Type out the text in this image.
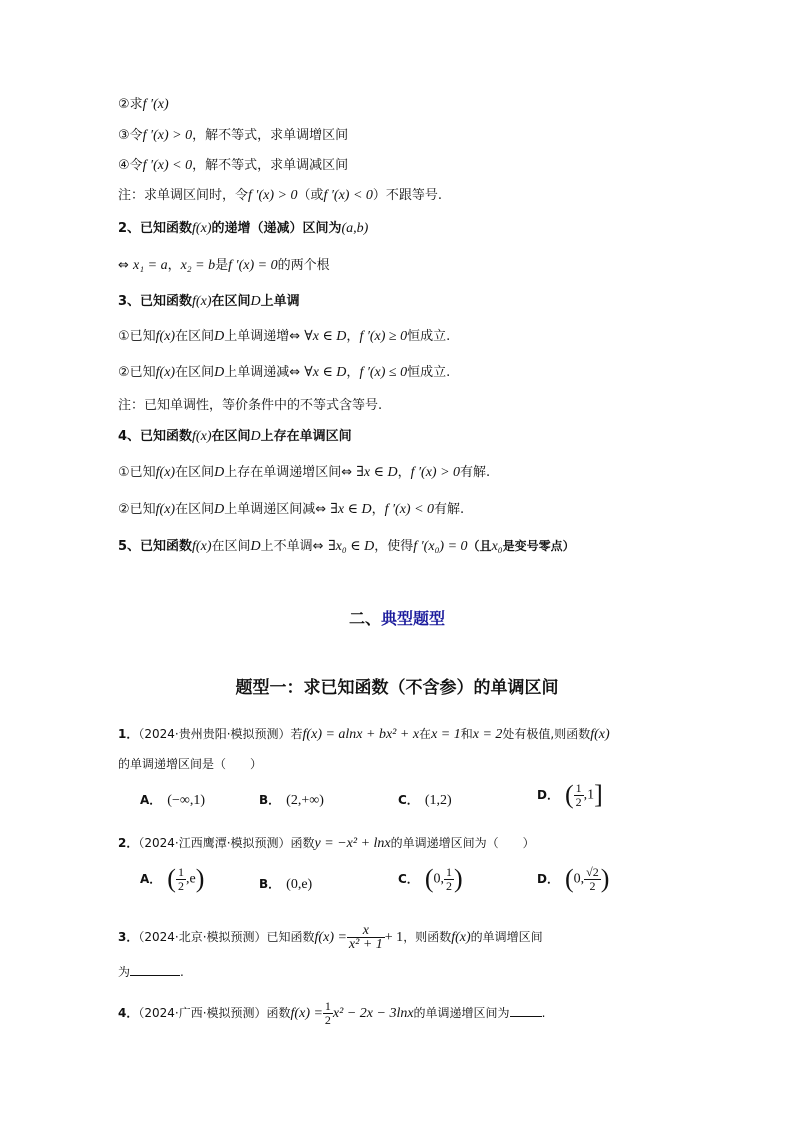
②求f ′(x)
③令f ′(x) > 0，解不等式，求单调增区间
④令f ′(x) < 0，解不等式，求单调减区间
注：求单调区间时，令f ′(x) > 0（或f ′(x) < 0）不跟等号.
2、已知函数f(x)的递增（递减）区间为(a,b)
⇔ x₁ = a，x₂ = b是f ′(x) = 0的两个根
3、已知函数f(x)在区间D上单调
①已知f(x)在区间D上单调递增⇔ ∀x ∈ D，f ′(x) ≥ 0恒成立.
②已知f(x)在区间D上单调递减⇔ ∀x ∈ D，f ′(x) ≤ 0恒成立.
注：已知单调性，等价条件中的不等式含等号.
4、已知函数f(x)在区间D上存在单调区间
①已知f(x)在区间D上存在单调递增区间⇔ ∃x ∈ D，f ′(x) > 0有解.
②已知f(x)在区间D上单调递区间减⇔ ∃x ∈ D，f ′(x) < 0有解.
5、已知函数f(x)在区间D上不单调⇔ ∃x₀ ∈ D，使得f ′(x₀) = 0（且x₀是变号零点）
二、典型题型
题型一：求已知函数（不含参）的单调区间
1．（2024·贵州贵阳·模拟预测）若f(x) = alnx + bx² + x在x = 1和x = 2处有极值,则函数f(x)
的单调递增区间是（　　）
A． (−∞,1)	B． (2,+∞)	C． (1,2)	D． ( $\frac{1}{2} ,1$]
2．（2024·江西鹰潭·模拟预测）函数y = −x² + lnx的单调递增区间为（　　）
A． ( $\frac{1}{2} ,e$)	B． (0,e)	C． (0, $\frac{1}{2}$ )	D． (0, $\frac{√2}{2}$ )
3．（2024·北京·模拟预测）已知函数$f(x) = \frac{x}{\text{x² + 1}} + 1$，则函数f(x)的单调增区间
为	.
4．（2024·广西·模拟预测）函数$f(x) = \frac{1}{2} x^2 - 2x - 3\ln x$的单调递增区间为	.
